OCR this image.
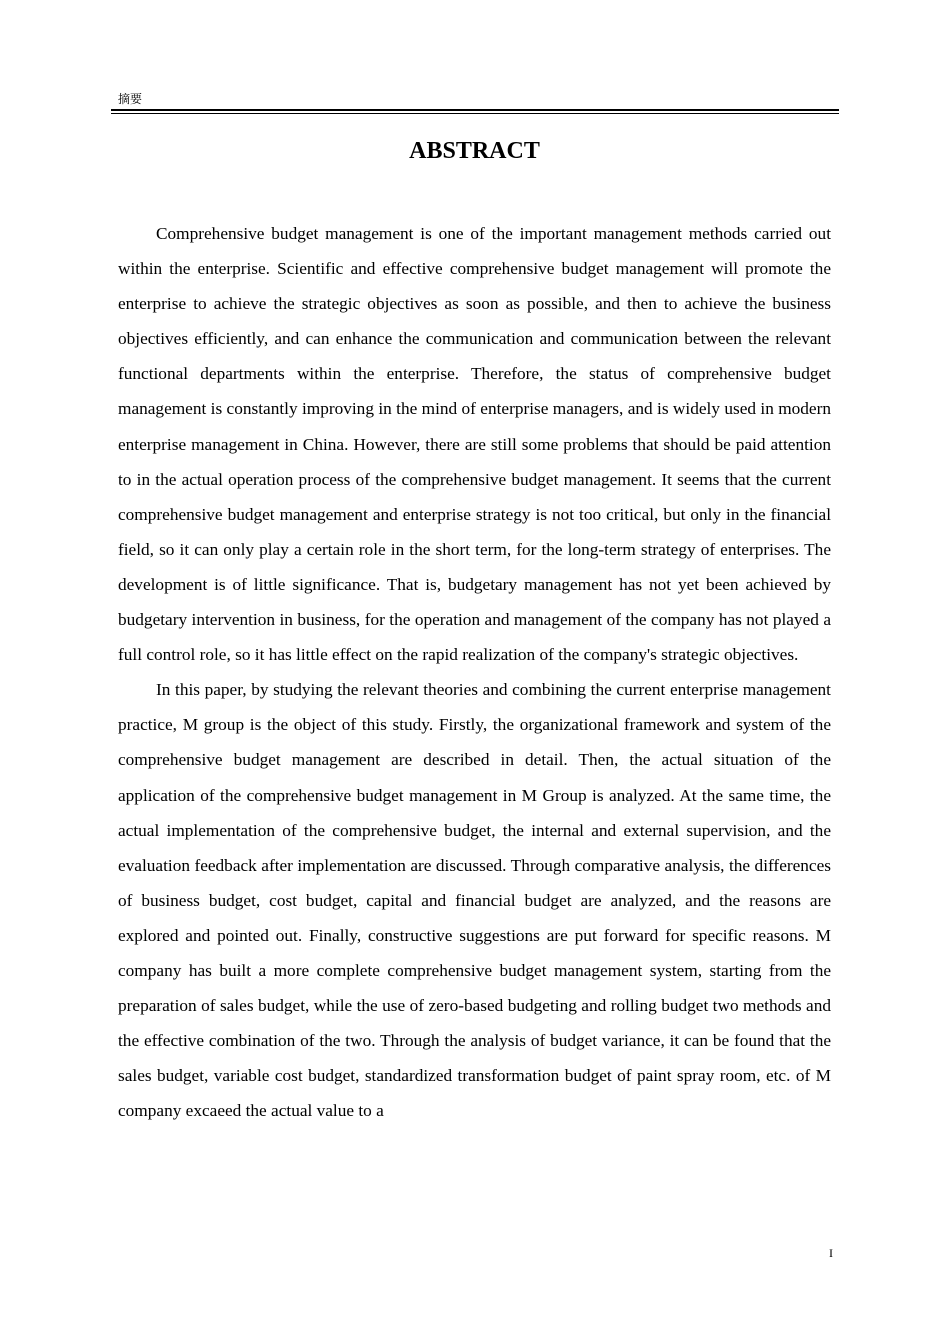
摘要
ABSTRACT

Comprehensive budget management is one of the important management methods carried out within the enterprise. Scientific and effective comprehensive budget management will promote the enterprise to achieve the strategic objectives as soon as possible, and then to achieve the business objectives efficiently, and can enhance the communication and communication between the relevant functional departments within the enterprise. Therefore, the status of comprehensive budget management is constantly improving in the mind of enterprise managers, and is widely used in modern enterprise management in China. However, there are still some problems that should be paid attention to in the actual operation process of the comprehensive budget management. It seems that the current comprehensive budget management and enterprise strategy is not too critical, but only in the financial field, so it can only play a certain role in the short term, for the long-term strategy of enterprises. The development is of little significance. That is, budgetary management has not yet been achieved by budgetary intervention in business, for the operation and management of the company has not played a full control role, so it has little effect on the rapid realization of the company's strategic objectives.

In this paper, by studying the relevant theories and combining the current enterprise management practice, M group is the object of this study. Firstly, the organizational framework and system of the comprehensive budget management are described in detail. Then, the actual situation of the application of the comprehensive budget management in M Group is analyzed. At the same time, the actual implementation of the comprehensive budget, the internal and external supervision, and the evaluation feedback after implementation are discussed. Through comparative analysis, the differences of business budget, cost budget, capital and financial budget are analyzed, and the reasons are explored and pointed out. Finally, constructive suggestions are put forward for specific reasons. M company has built a more complete comprehensive budget management system, starting from the preparation of sales budget, while the use of zero-based budgeting and rolling budget two methods and the effective combination of the two. Through the analysis of budget variance, it can be found that the sales budget, variable cost budget, standardized transformation budget of paint spray room, etc. of M company excaeed the actual value to a

I
